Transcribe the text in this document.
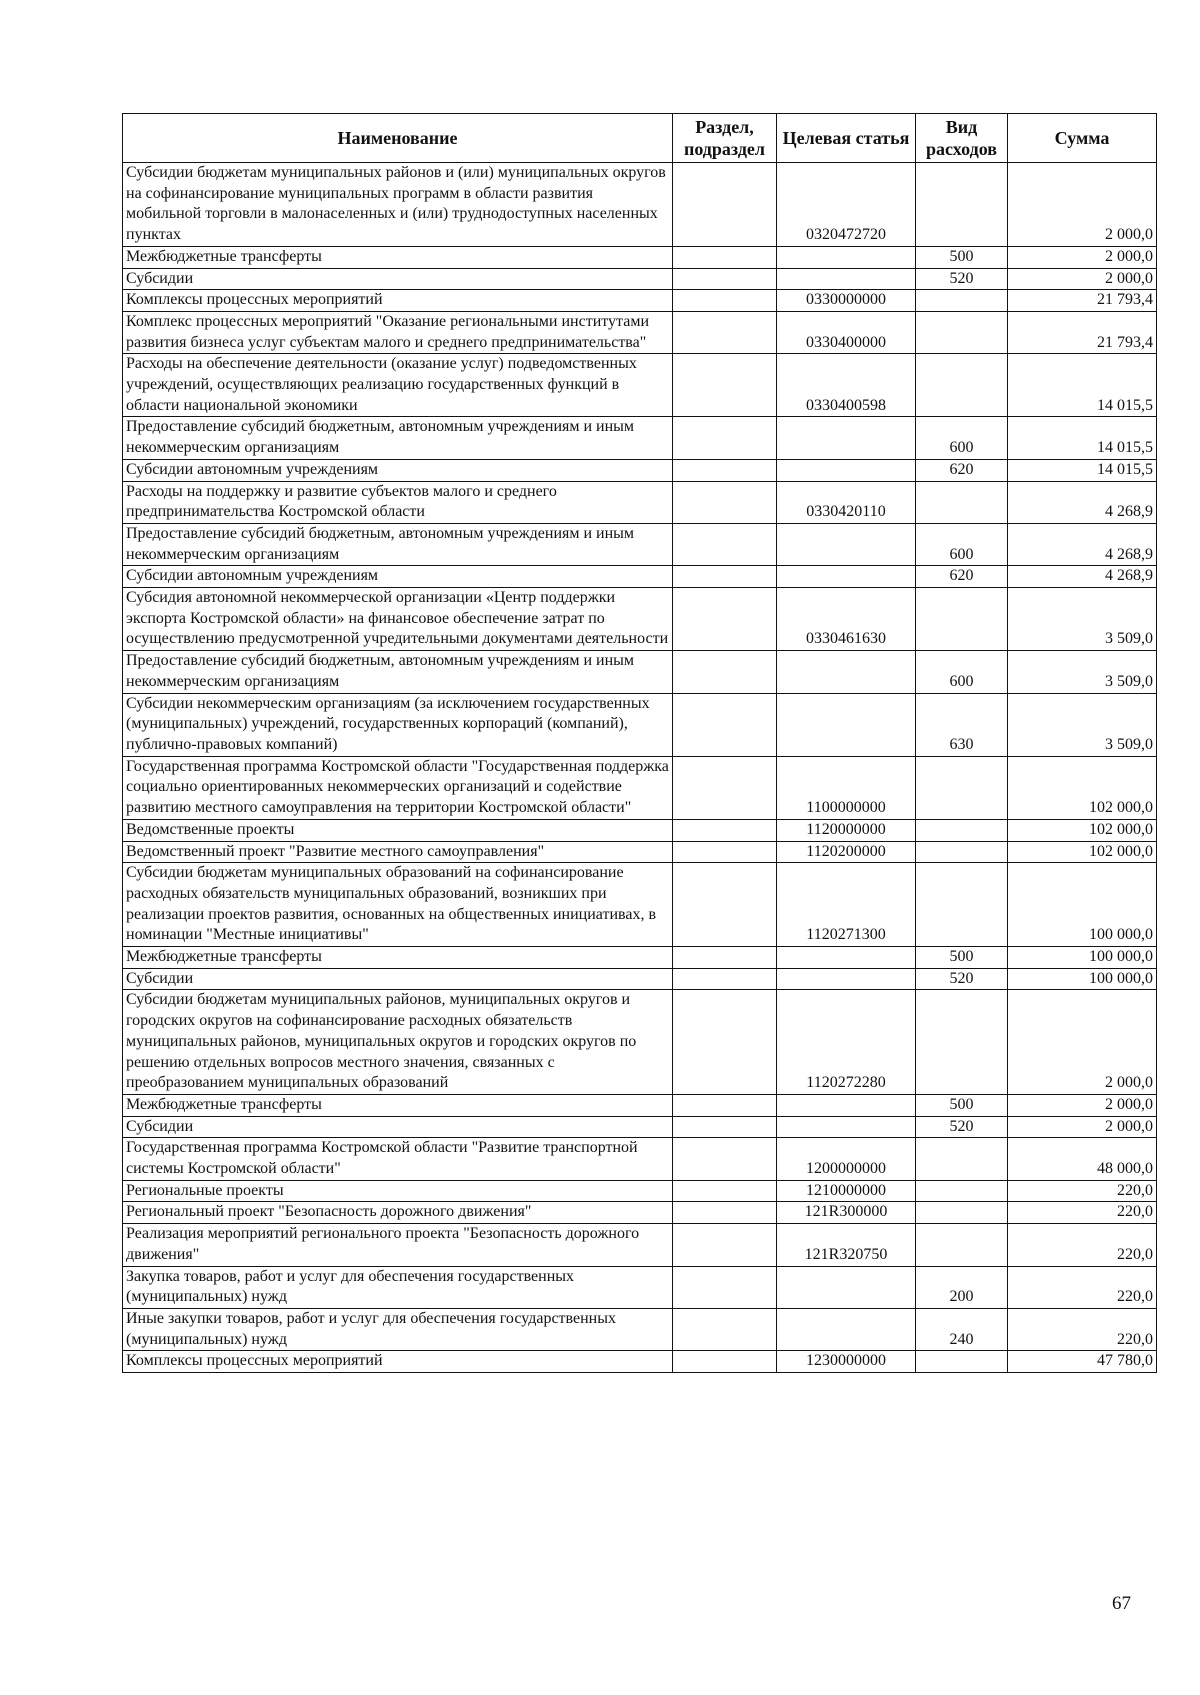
Наименование	Раздел, подраздел	Целевая статья	Вид расходов	Сумма
Субсидии бюджетам муниципальных районов и (или) муниципальных округов на софинансирование муниципальных программ в области развития мобильной торговли в малонаселенных и (или) труднодоступных населенных пунктах		0320472720		2 000,0
Межбюджетные трансферты			500	2 000,0
Субсидии			520	2 000,0
Комплексы процессных мероприятий		0330000000		21 793,4
Комплекс процессных мероприятий "Оказание региональными институтами развития бизнеса услуг субъектам малого и среднего предпринимательства"		0330400000		21 793,4
Расходы на обеспечение деятельности (оказание услуг) подведомственных учреждений, осуществляющих реализацию государственных функций в области национальной экономики		0330400598		14 015,5
Предоставление субсидий бюджетным, автономным учреждениям и иным некоммерческим организациям			600	14 015,5
Субсидии автономным учреждениям			620	14 015,5
Расходы на поддержку и развитие субъектов малого и среднего предпринимательства Костромской области		0330420110		4 268,9
Предоставление субсидий бюджетным, автономным учреждениям и иным некоммерческим организациям			600	4 268,9
Субсидии автономным учреждениям			620	4 268,9
Субсидия автономной некоммерческой организации «Центр поддержки экспорта Костромской области» на финансовое обеспечение затрат по осуществлению предусмотренной учредительными документами деятельности		0330461630		3 509,0
Предоставление субсидий бюджетным, автономным учреждениям и иным некоммерческим организациям			600	3 509,0
Субсидии некоммерческим организациям (за исключением государственных (муниципальных) учреждений, государственных корпораций (компаний), публично-правовых компаний)			630	3 509,0
Государственная программа Костромской области "Государственная поддержка социально ориентированных некоммерческих организаций и содействие развитию местного самоуправления на территории Костромской области"		1100000000		102 000,0
Ведомственные проекты		1120000000		102 000,0
Ведомственный проект "Развитие местного самоуправления"		1120200000		102 000,0
Субсидии бюджетам муниципальных образований на софинансирование расходных обязательств муниципальных образований, возникших при реализации проектов развития, основанных на общественных инициативах, в номинации "Местные инициативы"		1120271300		100 000,0
Межбюджетные трансферты			500	100 000,0
Субсидии			520	100 000,0
Субсидии бюджетам муниципальных районов, муниципальных округов и городских округов на софинансирование расходных обязательств муниципальных районов, муниципальных округов и городских округов по решению отдельных вопросов местного значения, связанных с преобразованием муниципальных образований		1120272280		2 000,0
Межбюджетные трансферты			500	2 000,0
Субсидии			520	2 000,0
Государственная программа Костромской области "Развитие транспортной системы Костромской области"		1200000000		48 000,0
Региональные проекты		1210000000		220,0
Региональный проект "Безопасность дорожного движения"		121R300000		220,0
Реализация мероприятий регионального проекта "Безопасность дорожного движения"		121R320750		220,0
Закупка товаров, работ и услуг для обеспечения государственных (муниципальных) нужд			200	220,0
Иные закупки товаров, работ и услуг для обеспечения государственных (муниципальных) нужд			240	220,0
Комплексы процессных мероприятий		1230000000		47 780,0
67
